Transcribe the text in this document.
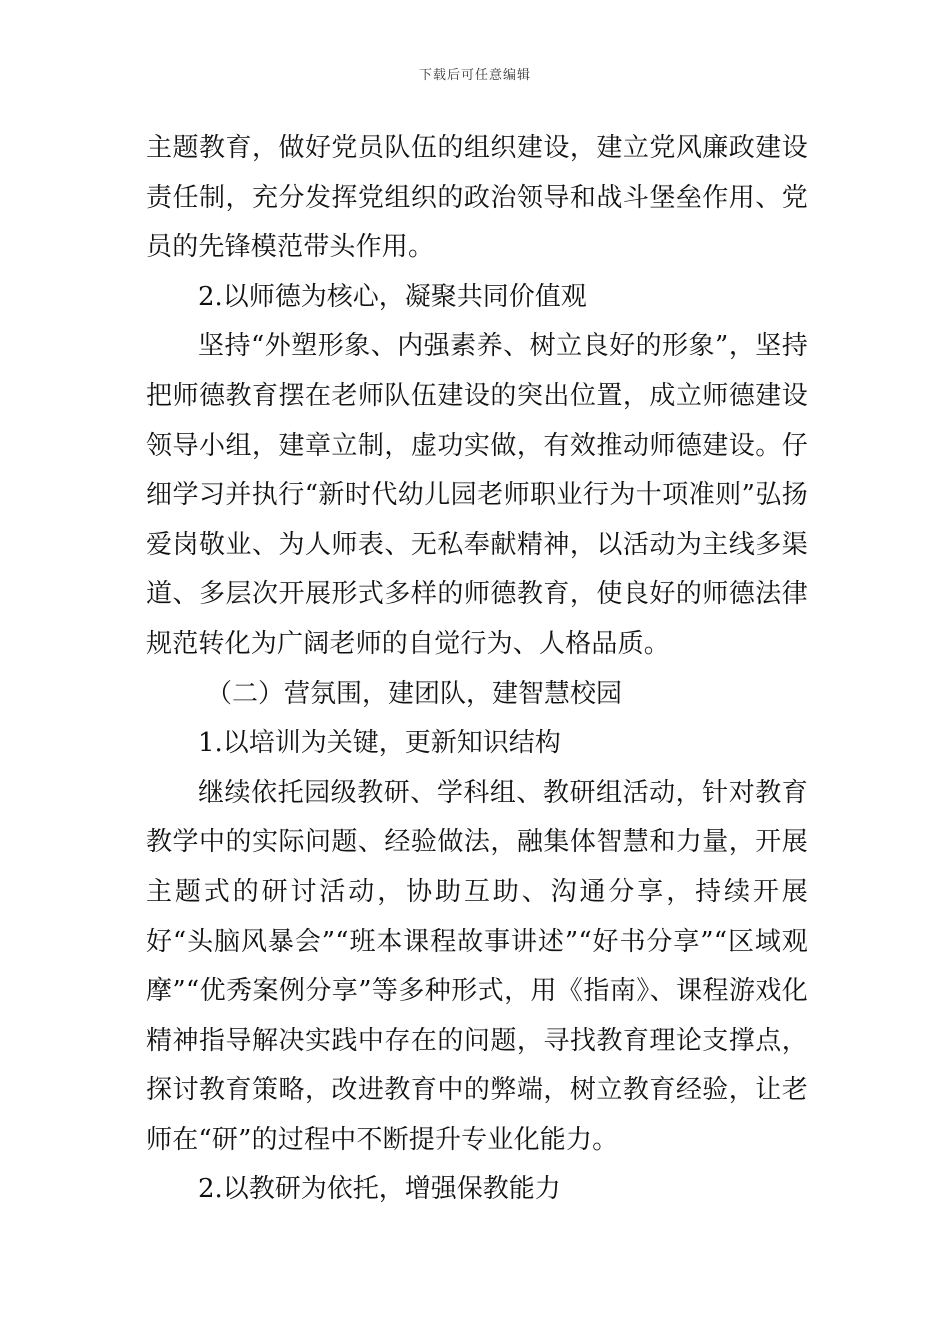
下载后可任意编辑

主题教育，做好党员队伍的组织建设，建立党风廉政建设责任制，充分发挥党组织的政治领导和战斗堡垒作用、党员的先锋模范带头作用。

2.以师德为核心，凝聚共同价值观

坚持“外塑形象、内强素养、树立良好的形象”，坚持把师德教育摆在老师队伍建设的突出位置，成立师德建设领导小组，建章立制，虚功实做，有效推动师德建设。仔细学习并执行“新时代幼儿园老师职业行为十项准则”弘扬爱岗敬业、为人师表、无私奉献精神，以活动为主线多渠道、多层次开展形式多样的师德教育，使良好的师德法律规范转化为广阔老师的自觉行为、人格品质。

（二）营氛围，建团队，建智慧校园

1.以培训为关键，更新知识结构

继续依托园级教研、学科组、教研组活动，针对教育教学中的实际问题、经验做法，融集体智慧和力量，开展主题式的研讨活动，协助互助、沟通分享，持续开展好“头脑风暴会”“班本课程故事讲述”“好书分享”“区域观摩”“优秀案例分享”等多种形式，用《指南》、课程游戏化精神指导解决实践中存在的问题，寻找教育理论支撑点，探讨教育策略，改进教育中的弊端，树立教育经验，让老师在“研”的过程中不断提升专业化能力。

2.以教研为依托，增强保教能力
